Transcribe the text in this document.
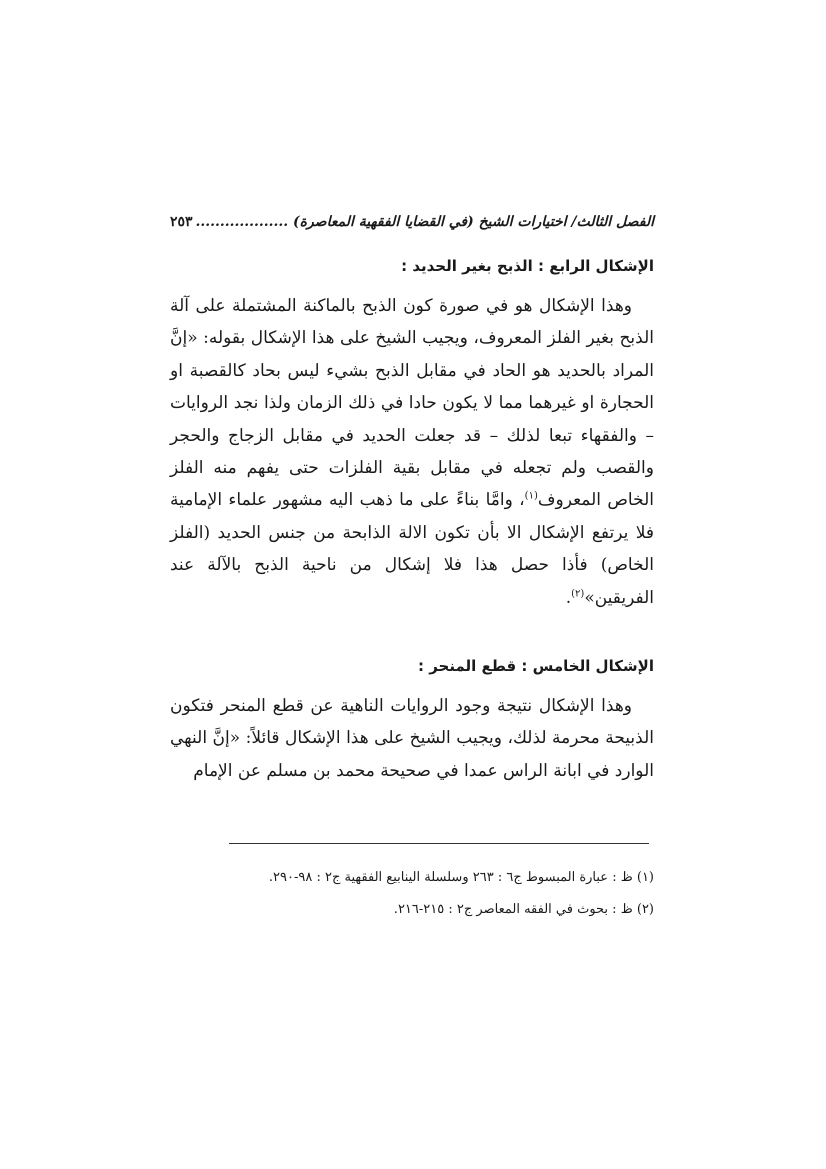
الفصل الثالث/ اختيارات الشيخ (في القضايا الفقهية المعاصرة) ...................
٢٥٣
الإشكال الرابع : الذبح بغير الحديد :

وهذا الإشكال هو في صورة كون الذبح بالماكنة المشتملة على آلة الذبح بغير الفلز المعروف، ويجيب الشيخ على هذا الإشكال بقوله: «إنَّ المراد بالحديد هو الحاد في مقابل الذبح بشيء ليس بحاد كالقصبة او الحجارة او غيرهما مما لا يكون حادا في ذلك الزمان ولذا نجد الروايات – والفقهاء تبعا لذلك – قد جعلت الحديد في مقابل الزجاج والحجر والقصب ولم تجعله في مقابل بقية الفلزات حتى يفهم منه الفلز الخاص المعروف$^{(١)}$، وامَّا بناءً على ما ذهب اليه مشهور علماء الإمامية فلا يرتفع الإشكال الا بأن تكون الالة الذابحة من جنس الحديد (الفلز الخاص) فأذا حصل هذا فلا إشكال من ناحية الذبح بالآلة عند الفريقين»$^{(٢)}$.

الإشكال الخامس : قطع المنحر :

وهذا الإشكال نتيجة وجود الروايات الناهية عن قطع المنحر فتكون الذبيحة محرمة لذلك، ويجيب الشيخ على هذا الإشكال قائلاً: «إنَّ النهي الوارد في ابانة الراس عمدا في صحيحة محمد بن مسلم عن الإمام

(١) ظ : عبارة المبسوط ج٦ : ٢٦٣ وسلسلة الينابيع الفقهية ج٢ : ٩٨-٢٩٠.

(٢) ظ : بحوث في الفقه المعاصر ج٢ : ٢١٥-٢١٦.
